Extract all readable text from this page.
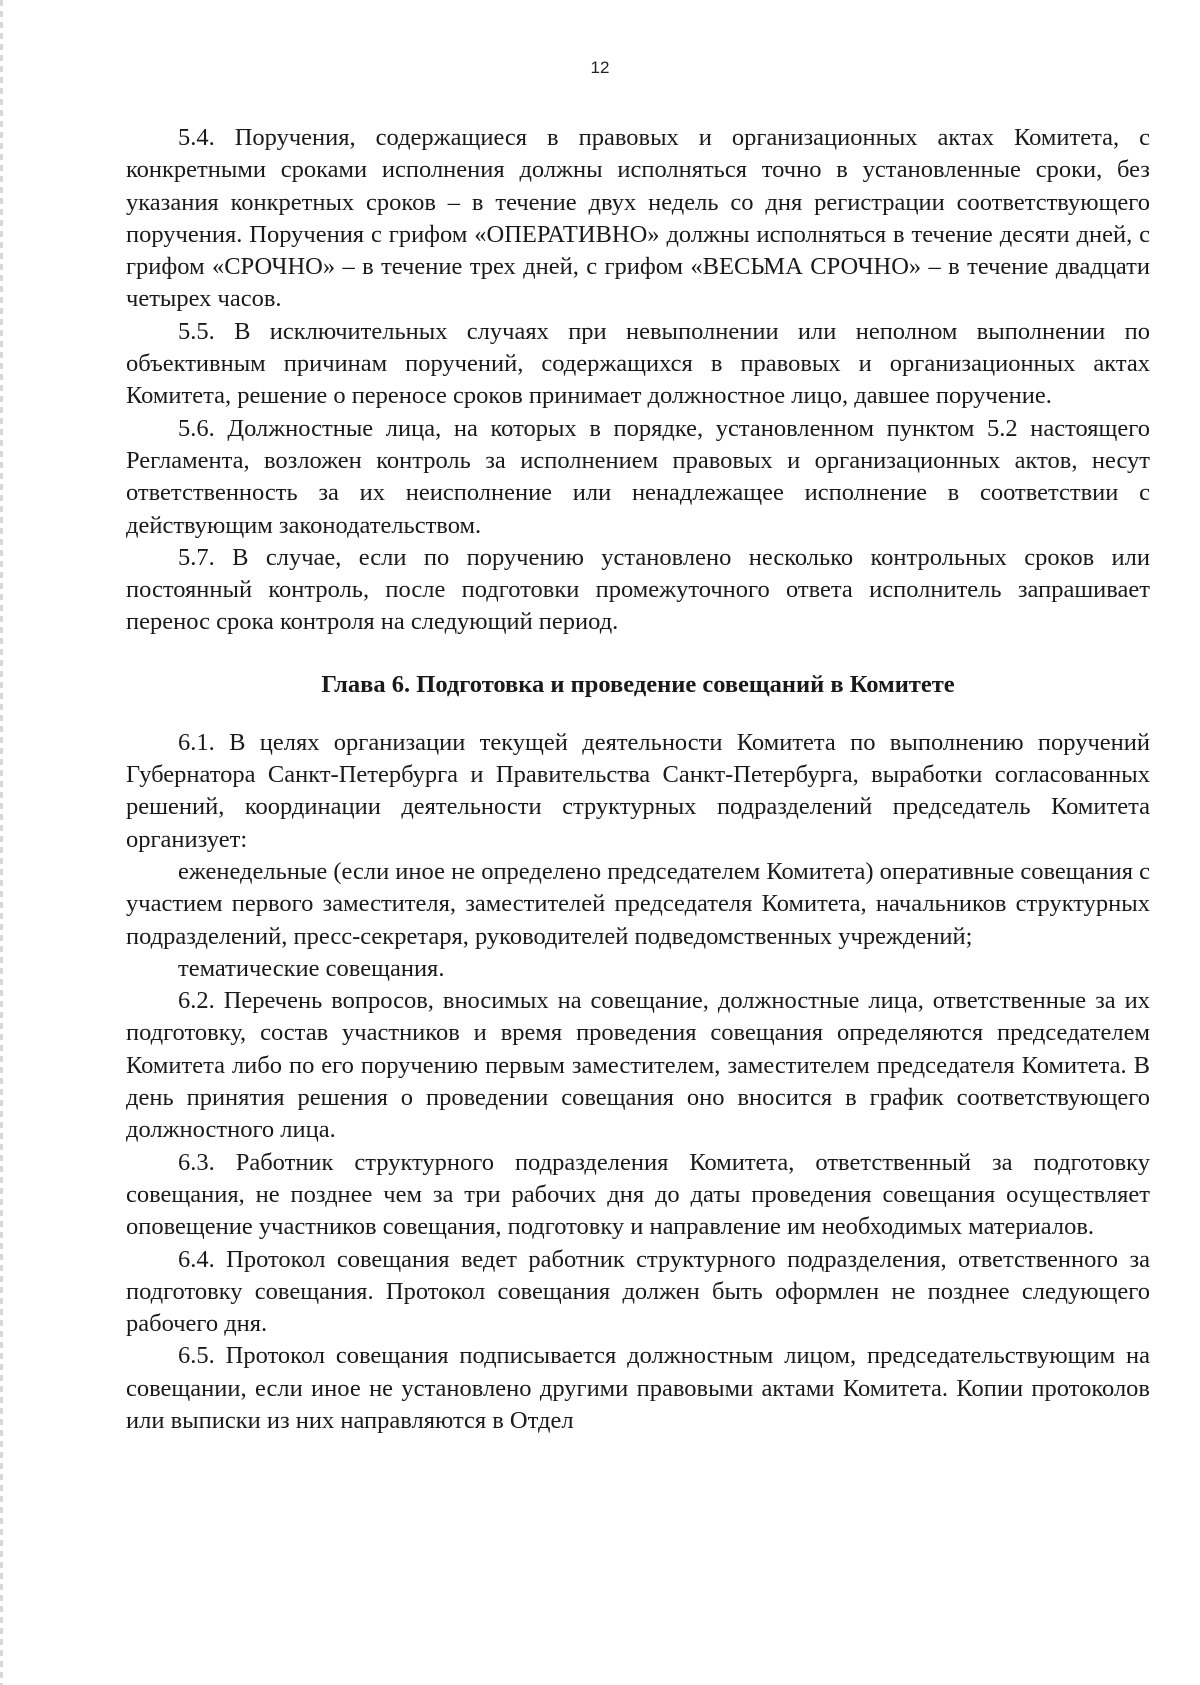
12

5.4. Поручения, содержащиеся в правовых и организационных актах Комитета, с конкретными сроками исполнения должны исполняться точно в установленные сроки, без указания конкретных сроков – в течение двух недель со дня регистрации соответствующего поручения. Поручения с грифом «ОПЕРАТИВНО» должны исполняться в течение десяти дней, с грифом «СРОЧНО» – в течение трех дней, с грифом «ВЕСЬМА СРОЧНО» – в течение двадцати четырех часов.

5.5. В исключительных случаях при невыполнении или неполном выполнении по объективным причинам поручений, содержащихся в правовых и организационных актах Комитета, решение о переносе сроков принимает должностное лицо, давшее поручение.

5.6. Должностные лица, на которых в порядке, установленном пунктом 5.2 настоящего Регламента, возложен контроль за исполнением правовых и организационных актов, несут ответственность за их неисполнение или ненадлежащее исполнение в соответствии с действующим законодательством.

5.7. В случае, если по поручению установлено несколько контрольных сроков или постоянный контроль, после подготовки промежуточного ответа исполнитель запрашивает перенос срока контроля на следующий период.

Глава 6. Подготовка и проведение совещаний в Комитете

6.1. В целях организации текущей деятельности Комитета по выполнению поручений Губернатора Санкт-Петербурга и Правительства Санкт-Петербурга, выработки согласованных решений, координации деятельности структурных подразделений председатель Комитета организует:

еженедельные (если иное не определено председателем Комитета) оперативные совещания с участием первого заместителя, заместителей председателя Комитета, начальников структурных подразделений, пресс-секретаря, руководителей подведомственных учреждений;

тематические совещания.

6.2. Перечень вопросов, вносимых на совещание, должностные лица, ответственные за их подготовку, состав участников и время проведения совещания определяются председателем Комитета либо по его поручению первым заместителем, заместителем председателя Комитета. В день принятия решения о проведении совещания оно вносится в график соответствующего должностного лица.

6.3. Работник структурного подразделения Комитета, ответственный за подготовку совещания, не позднее чем за три рабочих дня до даты проведения совещания осуществляет оповещение участников совещания, подготовку и направление им необходимых материалов.

6.4. Протокол совещания ведет работник структурного подразделения, ответственного за подготовку совещания. Протокол совещания должен быть оформлен не позднее следующего рабочего дня.

6.5. Протокол совещания подписывается должностным лицом, председательствующим на совещании, если иное не установлено другими правовыми актами Комитета. Копии протоколов или выписки из них направляются в Отдел
